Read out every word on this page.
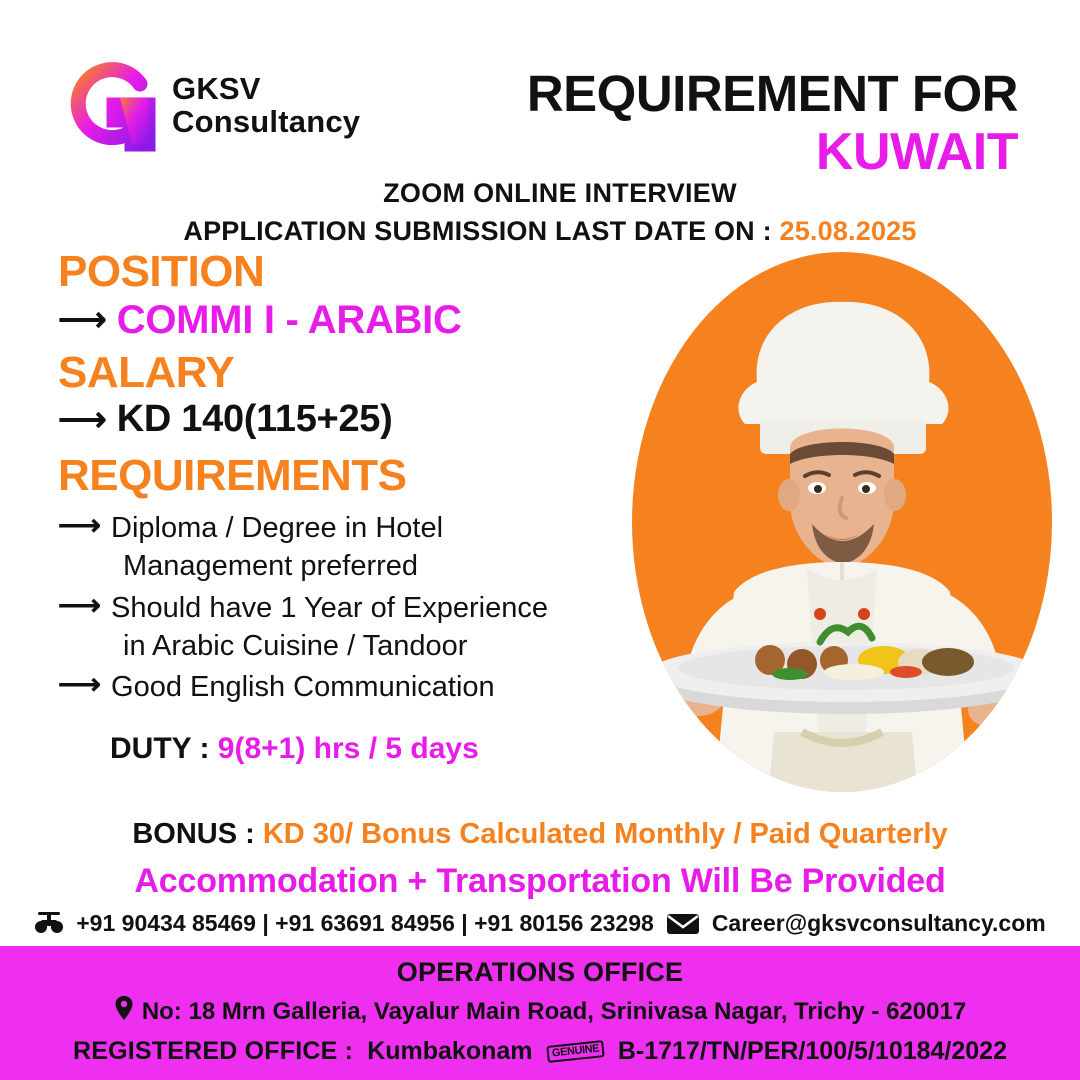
GKSV
Consultancy	REQUIREMENT FOR
KUWAIT
ZOOM ONLINE INTERVIEW
APPLICATION SUBMISSION LAST DATE ON : 25.08.2025
POSITION
⟶ COMMI I - ARABIC
SALARY
⟶ KD 140(115+25)
REQUIREMENTS
⟶ Diploma / Degree in Hotel
Management preferred
⟶ Should have 1 Year of Experience
in Arabic Cuisine / Tandoor
⟶ Good English Communication
DUTY : 9(8+1) hrs / 5 days
BONUS : KD 30/ Bonus Calculated Monthly / Paid Quarterly
Accommodation + Transportation Will Be Provided
+91 90434 85469 | +91 63691 84956 | +91 80156 23298	Career@gksvconsultancy.com
OPERATIONS OFFICE
No: 18 Mrn Galleria, Vayalur Main Road, Srinivasa Nagar, Trichy - 620017
REGISTERED OFFICE : Kumbakonam	GENUINE B-1717/TN/PER/100/5/10184/2022
